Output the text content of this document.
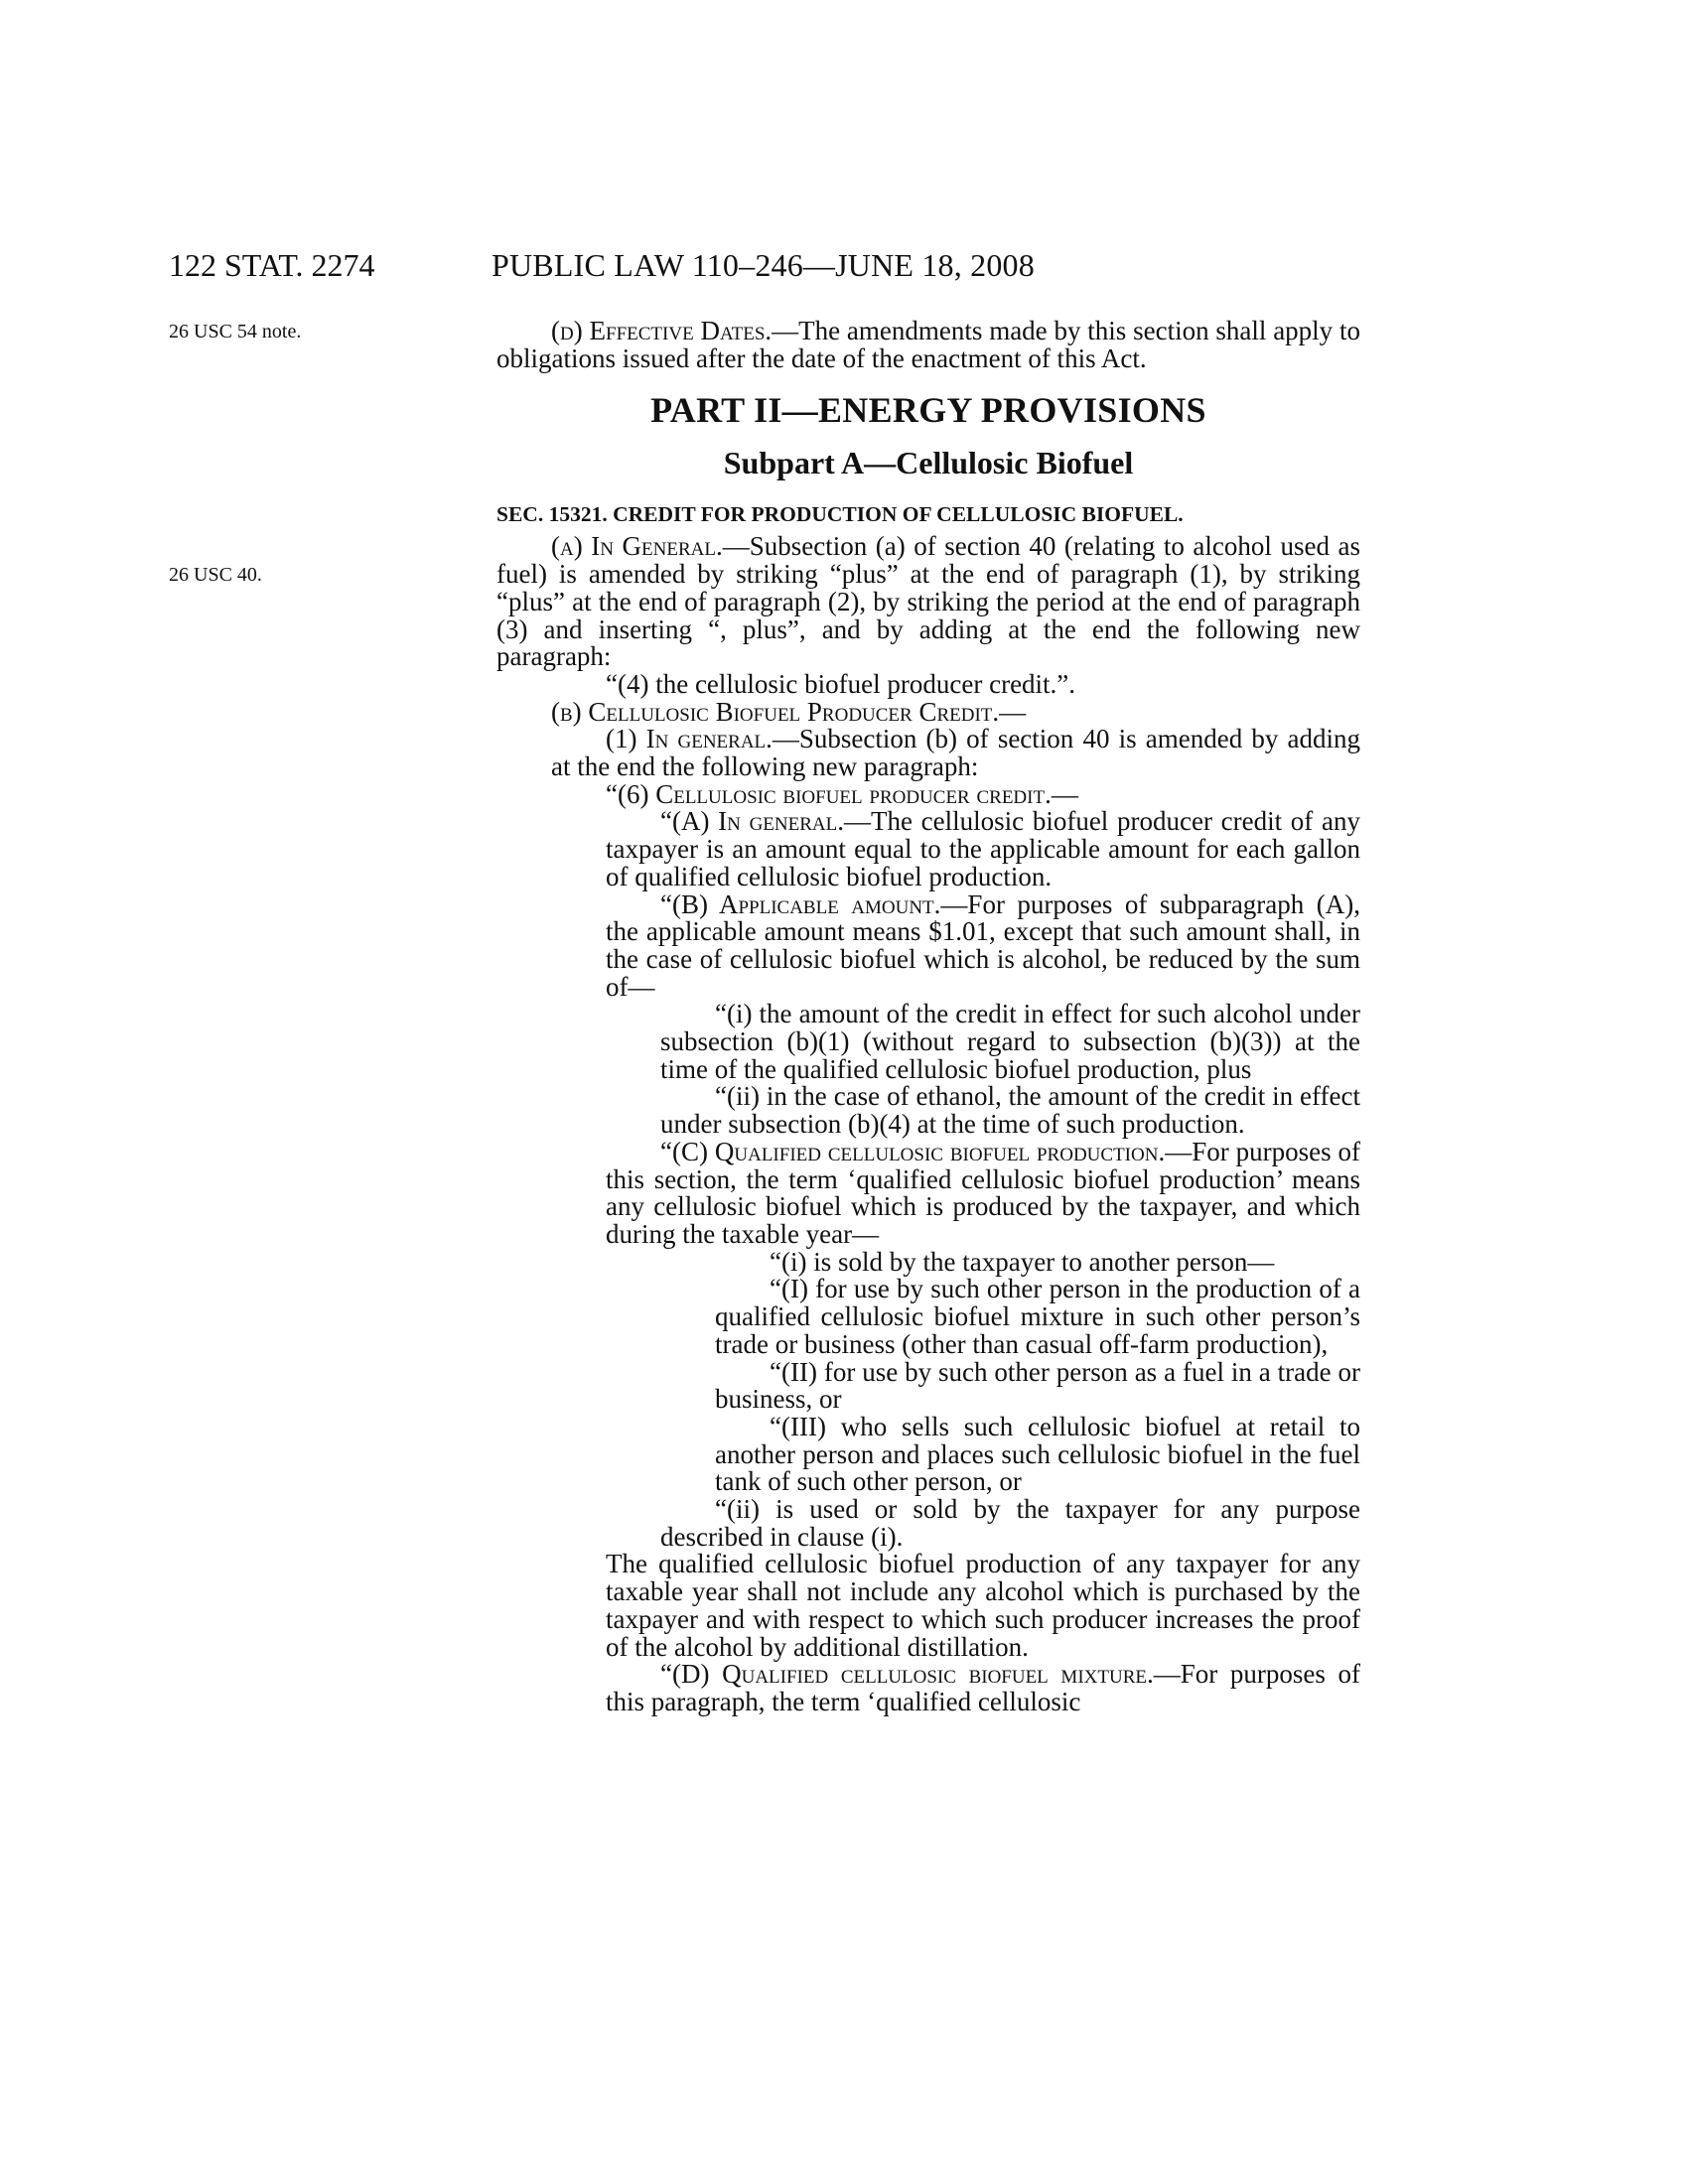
122 STAT. 2274	PUBLIC LAW 110–246—JUNE 18, 2008
26 USC 54 note.
26 USC 40.

(d) Effective Dates.—The amendments made by this section shall apply to obligations issued after the date of the enactment of this Act.

PART II—ENERGY PROVISIONS
Subpart A—Cellulosic Biofuel
SEC. 15321. CREDIT FOR PRODUCTION OF CELLULOSIC BIOFUEL.

(a) In General.—Subsection (a) of section 40 (relating to alcohol used as fuel) is amended by striking “plus” at the end of paragraph (1), by striking “plus” at the end of paragraph (2), by striking the period at the end of paragraph (3) and inserting “, plus”, and by adding at the end the following new paragraph:

“(4) the cellulosic biofuel producer credit.”.

(b) Cellulosic Biofuel Producer Credit.—

(1) In general.—Subsection (b) of section 40 is amended by adding at the end the following new paragraph:

“(6) Cellulosic biofuel producer credit.—

“(A) In general.—The cellulosic biofuel producer credit of any taxpayer is an amount equal to the applicable amount for each gallon of qualified cellulosic biofuel production.

“(B) Applicable amount.—For purposes of subparagraph (A), the applicable amount means $1.01, except that such amount shall, in the case of cellulosic biofuel which is alcohol, be reduced by the sum of—

“(i) the amount of the credit in effect for such alcohol under subsection (b)(1) (without regard to subsection (b)(3)) at the time of the qualified cellulosic biofuel production, plus

“(ii) in the case of ethanol, the amount of the credit in effect under subsection (b)(4) at the time of such production.

“(C) Qualified cellulosic biofuel production.—For purposes of this section, the term ‘qualified cellulosic biofuel production’ means any cellulosic biofuel which is produced by the taxpayer, and which during the taxable year—

“(i) is sold by the taxpayer to another person—

“(I) for use by such other person in the production of a qualified cellulosic biofuel mixture in such other person’s trade or business (other than casual off-farm production),

“(II) for use by such other person as a fuel in a trade or business, or

“(III) who sells such cellulosic biofuel at retail to another person and places such cellulosic biofuel in the fuel tank of such other person, or

“(ii) is used or sold by the taxpayer for any purpose described in clause (i).

The qualified cellulosic biofuel production of any taxpayer for any taxable year shall not include any alcohol which is purchased by the taxpayer and with respect to which such producer increases the proof of the alcohol by additional distillation.

“(D) Qualified cellulosic biofuel mixture.—For purposes of this paragraph, the term ‘qualified cellulosic
